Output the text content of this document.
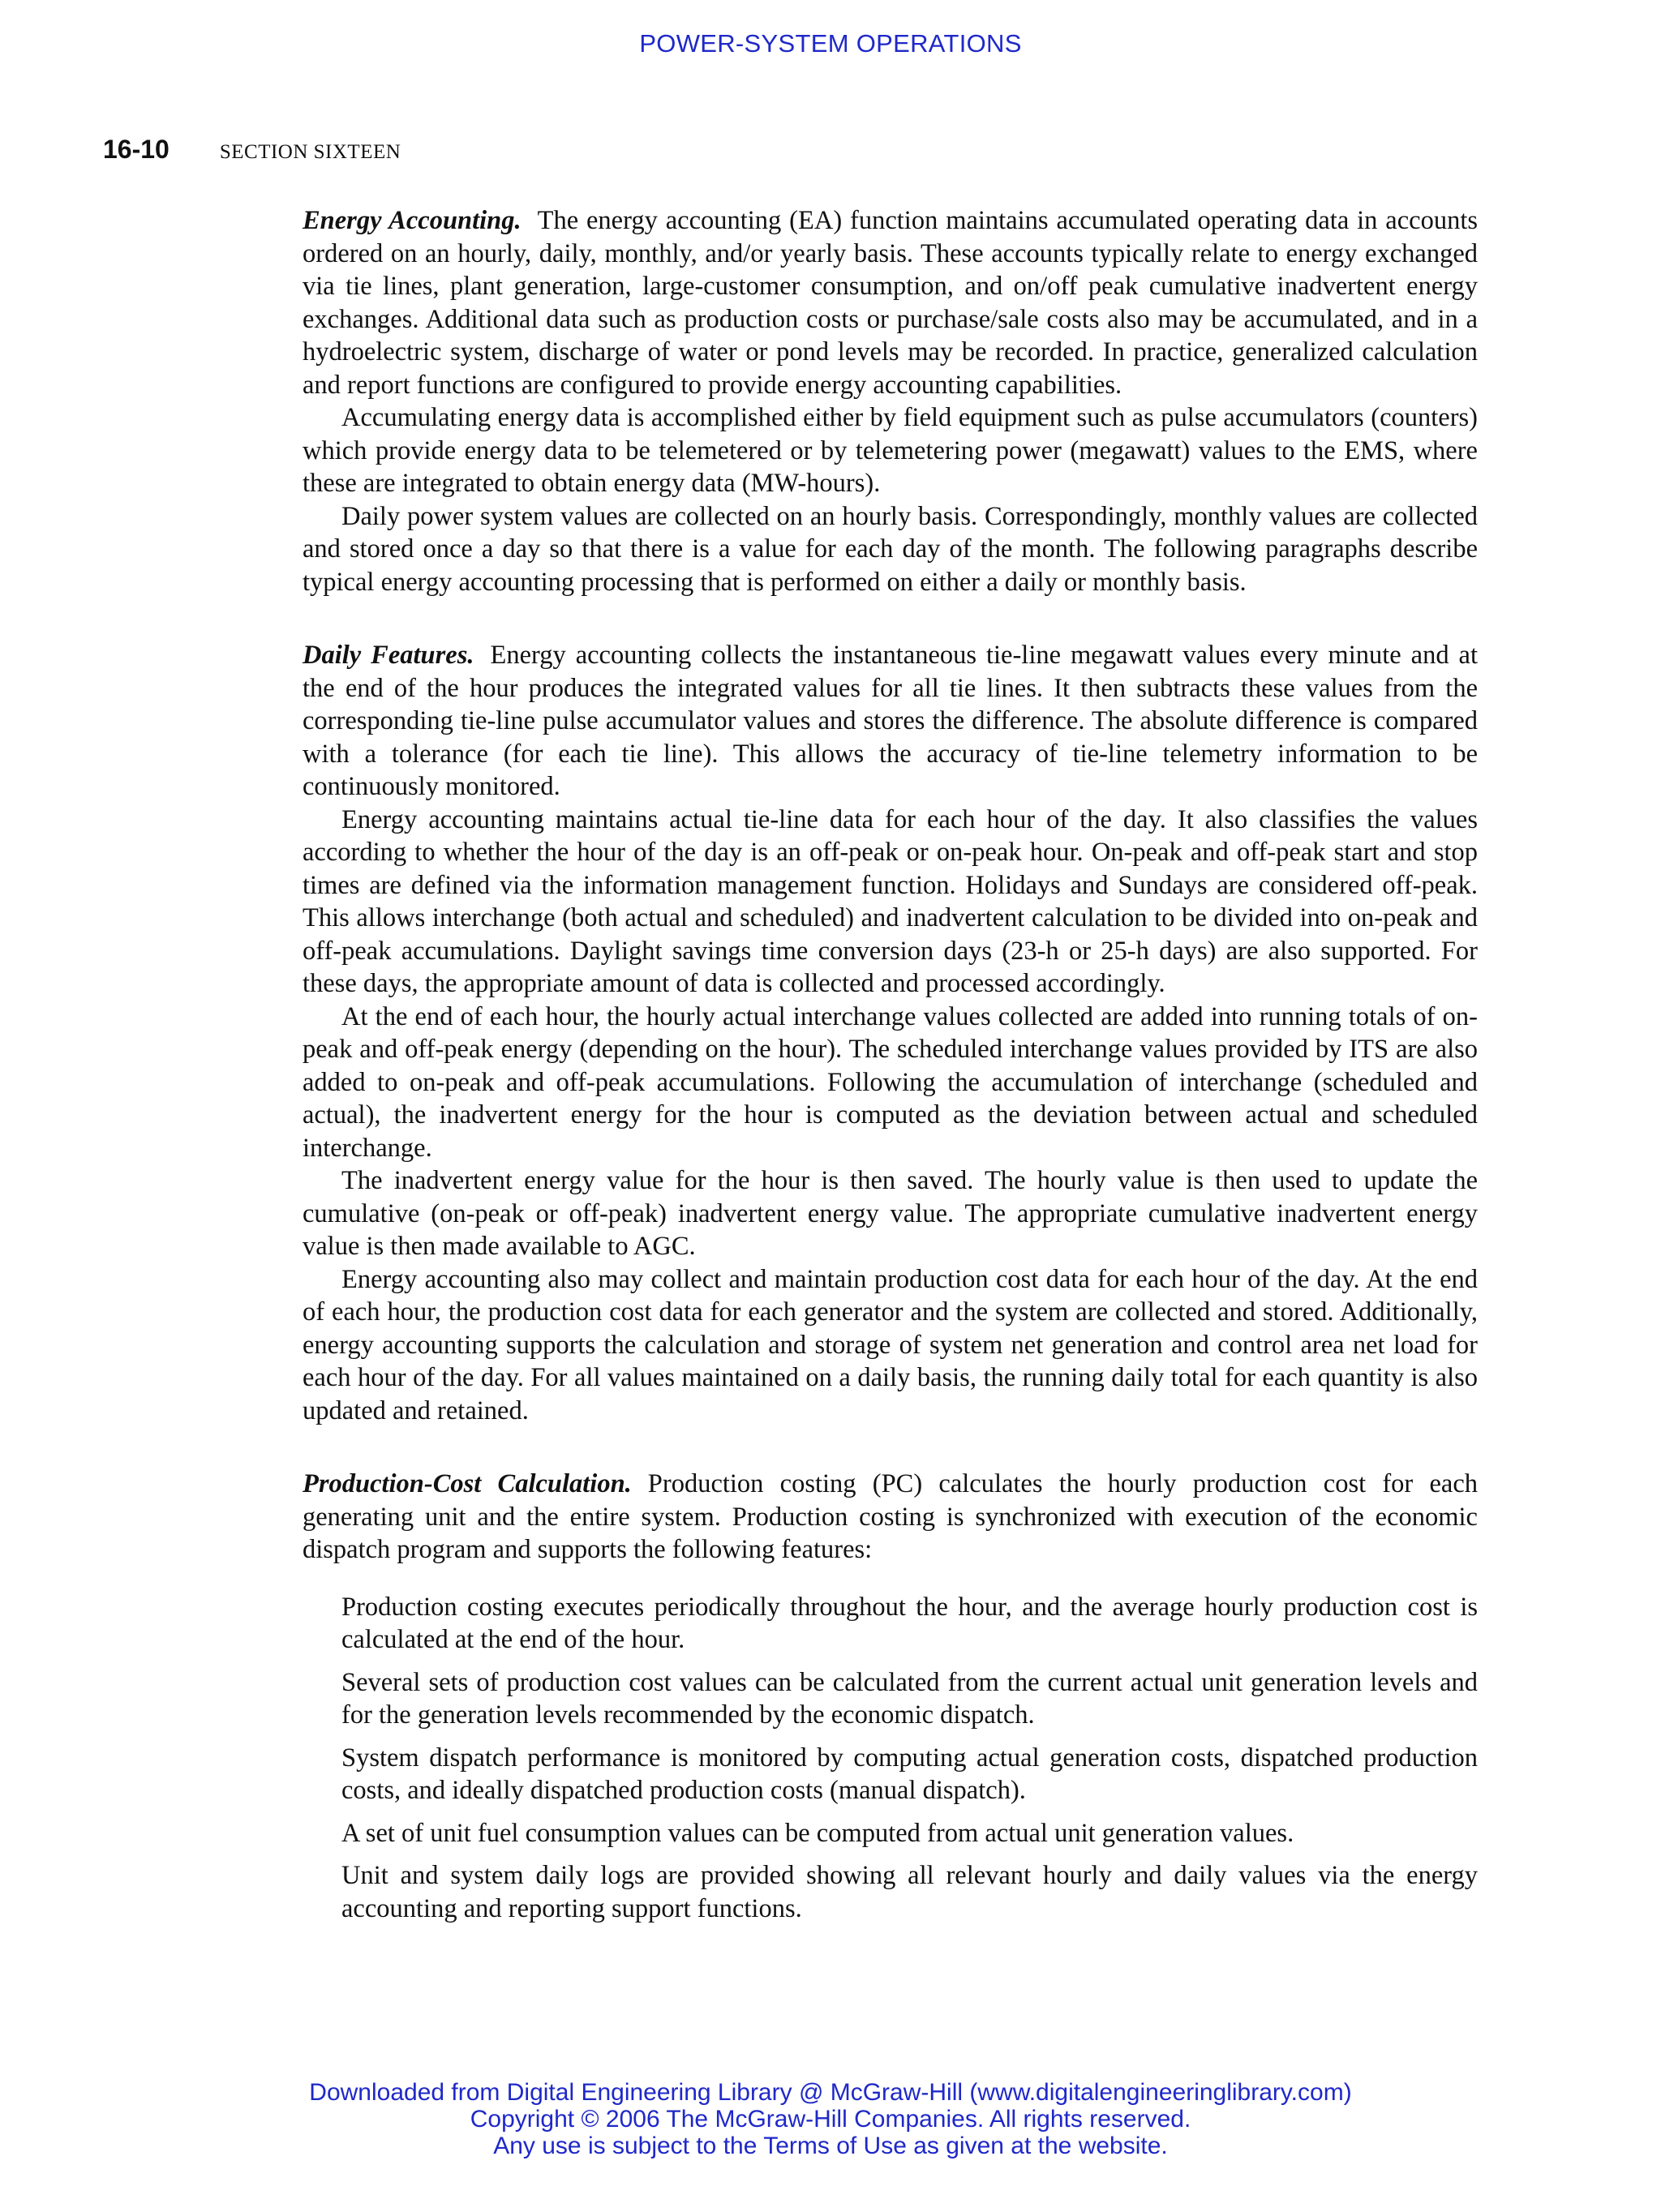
POWER-SYSTEM OPERATIONS
16-10 SECTION SIXTEEN

Energy Accounting. The energy accounting (EA) function maintains accumulated operating data in accounts ordered on an hourly, daily, monthly, and/or yearly basis. These accounts typically relate to energy exchanged via tie lines, plant generation, large-customer consumption, and on/off peak cumulative inadvertent energy exchanges. Additional data such as production costs or purchase/sale costs also may be accumulated, and in a hydroelectric system, discharge of water or pond levels may be recorded. In practice, generalized calculation and report functions are configured to provide energy accounting capabilities.

Accumulating energy data is accomplished either by field equipment such as pulse accumulators (counters) which provide energy data to be telemetered or by telemetering power (megawatt) values to the EMS, where these are integrated to obtain energy data (MW-hours).

Daily power system values are collected on an hourly basis. Correspondingly, monthly values are collected and stored once a day so that there is a value for each day of the month. The following paragraphs describe typical energy accounting processing that is performed on either a daily or monthly basis.

Daily Features. Energy accounting collects the instantaneous tie-line megawatt values every minute and at the end of the hour produces the integrated values for all tie lines. It then subtracts these values from the corresponding tie-line pulse accumulator values and stores the difference. The absolute difference is compared with a tolerance (for each tie line). This allows the accuracy of tie-line telemetry information to be continuously monitored.

Energy accounting maintains actual tie-line data for each hour of the day. It also classifies the values according to whether the hour of the day is an off-peak or on-peak hour. On-peak and off-peak start and stop times are defined via the information management function. Holidays and Sundays are considered off-peak. This allows interchange (both actual and scheduled) and inadvertent calculation to be divided into on-peak and off-peak accumulations. Daylight savings time conversion days (23-h or 25-h days) are also supported. For these days, the appropriate amount of data is collected and processed accordingly.

At the end of each hour, the hourly actual interchange values collected are added into running totals of on-peak and off-peak energy (depending on the hour). The scheduled interchange values provided by ITS are also added to on-peak and off-peak accumulations. Following the accumulation of interchange (scheduled and actual), the inadvertent energy for the hour is computed as the deviation between actual and scheduled interchange.

The inadvertent energy value for the hour is then saved. The hourly value is then used to update the cumulative (on-peak or off-peak) inadvertent energy value. The appropriate cumulative inadvertent energy value is then made available to AGC.

Energy accounting also may collect and maintain production cost data for each hour of the day. At the end of each hour, the production cost data for each generator and the system are collected and stored. Additionally, energy accounting supports the calculation and storage of system net generation and control area net load for each hour of the day. For all values maintained on a daily basis, the running daily total for each quantity is also updated and retained.

Production-Cost Calculation. Production costing (PC) calculates the hourly production cost for each generating unit and the entire system. Production costing is synchronized with execution of the economic dispatch program and supports the following features:

Production costing executes periodically throughout the hour, and the average hourly production cost is calculated at the end of the hour.
Several sets of production cost values can be calculated from the current actual unit generation levels and for the generation levels recommended by the economic dispatch.
System dispatch performance is monitored by computing actual generation costs, dispatched production costs, and ideally dispatched production costs (manual dispatch).
A set of unit fuel consumption values can be computed from actual unit generation values.
Unit and system daily logs are provided showing all relevant hourly and daily values via the energy accounting and reporting support functions.
Downloaded from Digital Engineering Library @ McGraw-Hill (www.digitalengineeringlibrary.com)
Copyright © 2006 The McGraw-Hill Companies. All rights reserved.
Any use is subject to the Terms of Use as given at the website.
